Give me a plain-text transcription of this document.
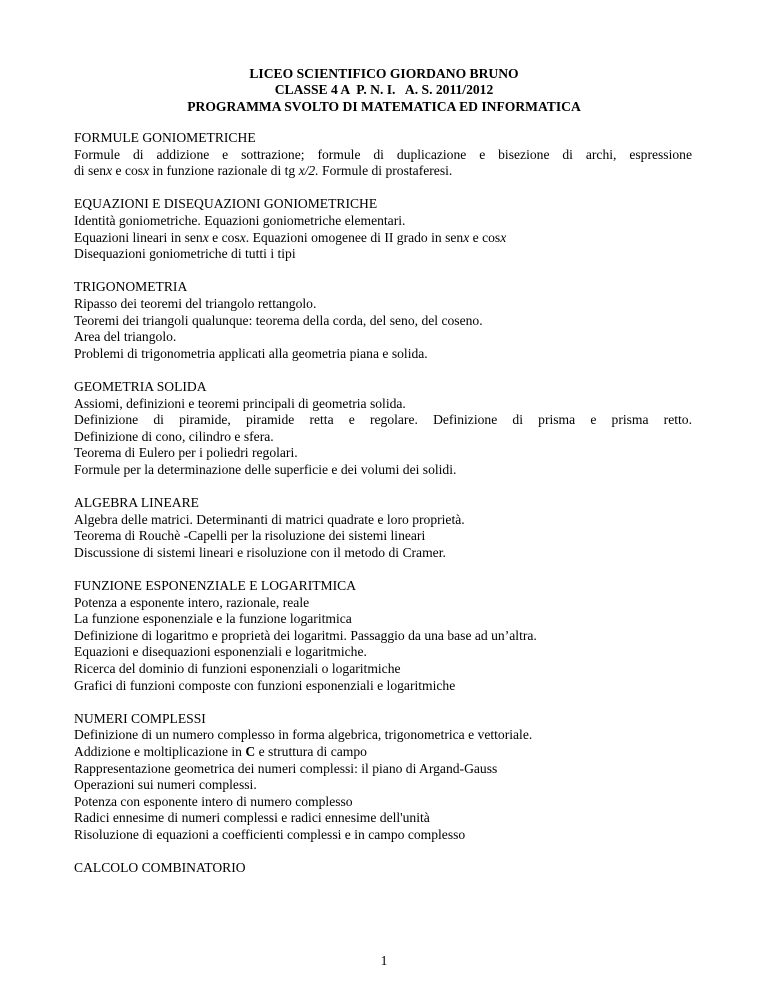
LICEO SCIENTIFICO GIORDANO BRUNO
CLASSE 4 A  P. N. I.   A. S. 2011/2012
PROGRAMMA SVOLTO DI MATEMATICA ED INFORMATICA
FORMULE GONIOMETRICHE
Formule di addizione e sottrazione; formule di duplicazione e bisezione di archi, espressione
di senx e cosx in funzione razionale di tg x/2. Formule di prostaferesi.
EQUAZIONI E DISEQUAZIONI GONIOMETRICHE
Identità goniometriche. Equazioni goniometriche elementari.
Equazioni lineari in senx e cosx. Equazioni omogenee di II grado in senx e cosx
Disequazioni goniometriche di tutti i tipi
TRIGONOMETRIA
Ripasso dei teoremi del triangolo rettangolo.
Teoremi dei triangoli qualunque: teorema della corda, del seno, del coseno.
Area del triangolo.
Problemi di trigonometria applicati alla geometria piana e solida.
GEOMETRIA SOLIDA
Assiomi, definizioni e teoremi principali di geometria solida.
Definizione di piramide, piramide retta e regolare. Definizione di prisma e prisma retto.
Definizione di cono, cilindro e sfera.
Teorema di Eulero per i poliedri regolari.
Formule per la determinazione delle superficie e dei volumi dei solidi.
ALGEBRA LINEARE
Algebra delle matrici. Determinanti di matrici quadrate e loro proprietà.
Teorema di Rouchè -Capelli per la risoluzione dei sistemi lineari
Discussione di sistemi lineari e risoluzione con il metodo di Cramer.
FUNZIONE ESPONENZIALE E LOGARITMICA
Potenza a esponente intero, razionale, reale
La funzione esponenziale e la funzione logaritmica
Definizione di logaritmo e proprietà dei logaritmi. Passaggio da una base ad un’altra.
Equazioni e disequazioni esponenziali e logaritmiche.
Ricerca del dominio di funzioni esponenziali o logaritmiche
Grafici di funzioni composte con funzioni esponenziali e logaritmiche
NUMERI COMPLESSI
Definizione di un numero complesso in forma algebrica, trigonometrica e vettoriale.
Addizione e moltiplicazione in C e struttura di campo
Rappresentazione geometrica dei numeri complessi: il piano di Argand-Gauss
Operazioni sui numeri complessi.
Potenza con esponente intero di numero complesso
Radici ennesime di numeri complessi e radici ennesime dell'unità
Risoluzione di equazioni a coefficienti complessi e in campo complesso
CALCOLO COMBINATORIO
1
